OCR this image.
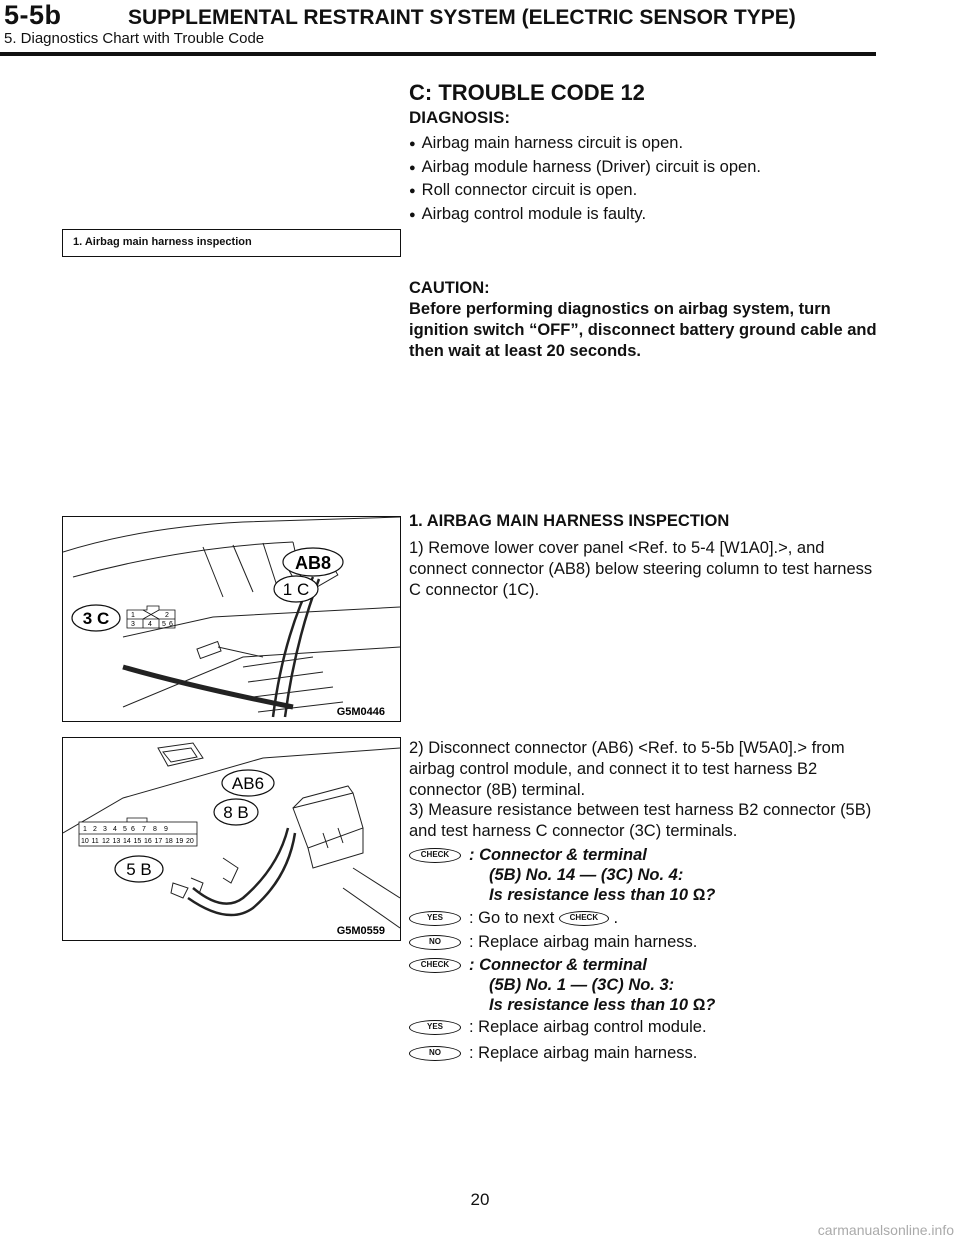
5-5b	SUPPLEMENTAL RESTRAINT SYSTEM (ELECTRIC SENSOR TYPE)
5. Diagnostics Chart with Trouble Code
C: TROUBLE CODE 12
DIAGNOSIS:
● Airbag main harness circuit is open.
● Airbag module harness (Driver) circuit is open.
● Roll connector circuit is open.
● Airbag control module is faulty.
1. Airbag main harness inspection
CAUTION:
Before performing diagnostics on airbag system, turn ignition switch “OFF”, disconnect battery ground cable and then wait at least 20 seconds.
AB8
1 C
3 C	1	2
3 4 5 6
G5M0446
AB6
8 B
5 B
1 2 3 4 5 6 7 8 9
10 11 12 13 14 15 16 17 18 19 20
G5M0559
1. AIRBAG MAIN HARNESS INSPECTION
1) Remove lower cover panel <Ref. to 5-4 [W1A0].>, and connect connector (AB8) below steering column to test harness C connector (1C).
2) Disconnect connector (AB6) <Ref. to 5-5b [W5A0].> from airbag control module, and connect it to test harness B2 connector (8B) terminal.
3) Measure resistance between test harness B2 connector (5B) and test harness C connector (3C) terminals.
CHECK : Connector & terminal
(5B) No. 14 — (3C) No. 4:
Is resistance less than 10 Ω?
YES : Go to next CHECK .
NO : Replace airbag main harness.
CHECK : Connector & terminal
(5B) No. 1 — (3C) No. 3:
Is resistance less than 10 Ω?
YES : Replace airbag control module.
NO : Replace airbag main harness.
20
carmanualsonline.info
